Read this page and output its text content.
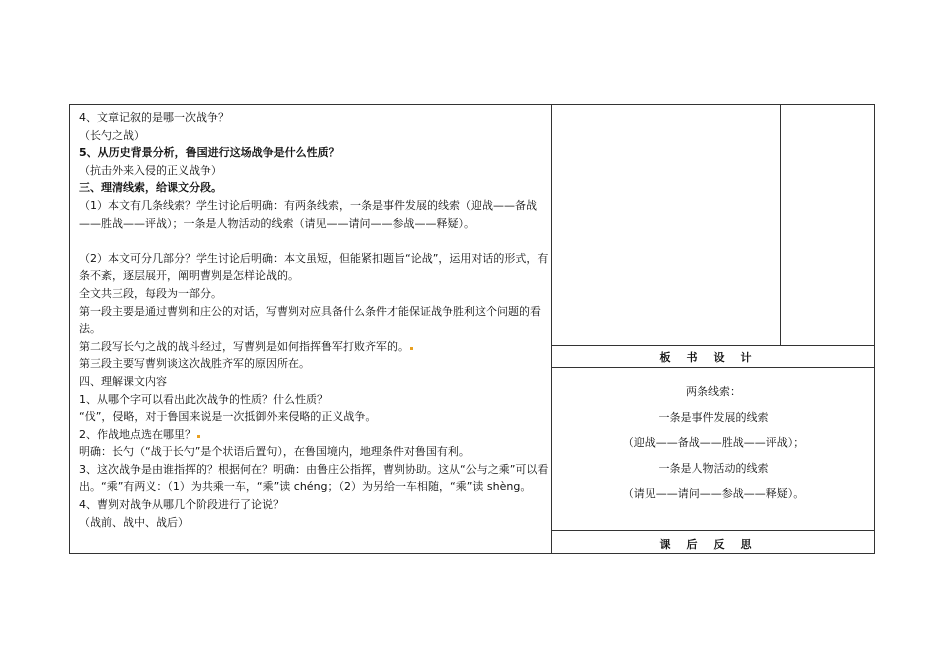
4、文章记叙的是哪一次战争？

（长勺之战）

5、从历史背景分析，鲁国进行这场战争是什么性质？

（抗击外来入侵的正义战争）

三、理清线索，给课文分段。

（1）本文有几条线索？学生讨论后明确：有两条线索，一条是事件发展的线索（迎战——备战——胜战——评战）；一条是人物活动的线索（请见——请问——参战——释疑）。

（2）本文可分几部分？学生讨论后明确：本文虽短，但能紧扣题旨“论战”，运用对话的形式，有条不紊，逐层展开，阐明曹刿是怎样论战的。

全文共三段，每段为一部分。

第一段主要是通过曹刿和庄公的对话，写曹刿对应具备什么条件才能保证战争胜利这个问题的看法。

第二段写长勺之战的战斗经过，写曹刿是如何指挥鲁军打败齐军的。

第三段主要写曹刿谈这次战胜齐军的原因所在。

四、理解课文内容

1、从哪个字可以看出此次战争的性质？什么性质？

“伐”，侵略，对于鲁国来说是一次抵御外来侵略的正义战争。

2、作战地点选在哪里？

明确：长勺（“战于长勺”是个状语后置句），在鲁国境内，地理条件对鲁国有利。

3、这次战争是由谁指挥的？根据何在？明确：由鲁庄公指挥，曹刿协助。这从“公与之乘”可以看出。“乘”有两义：（1）为共乘一车，“乘”读 chéng；（2）为另给一车相随，“乘”读 shèng。

4、曹刿对战争从哪几个阶段进行了论说？

（战前、战中、战后）

板书设计

两条线索：

一条是事件发展的线索

（迎战——备战——胜战——评战）；

一条是人物活动的线索

（请见——请问——参战——释疑）。

课后反思
